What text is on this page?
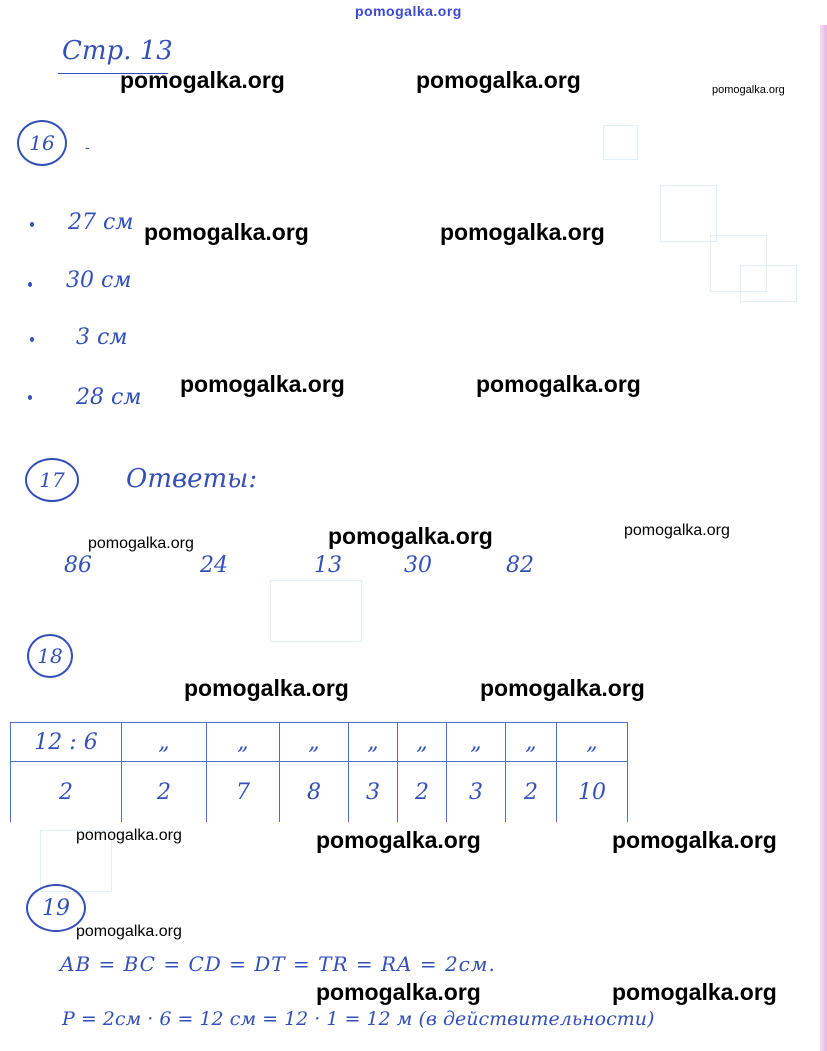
pomogalka.org
Стр. 13
pomogalka.org	pomogalka.org	pomogalka.org
pomogalka.org	pomogalka.org
pomogalka.org	pomogalka.org
pomogalka.org
pomogalka.org
pomogalka.org
pomogalka.org	pomogalka.org
pomogalka.org	pomogalka.org	pomogalka.org
pomogalka.org
pomogalka.org	pomogalka.org
16 -
27 см
30 см
3 см
28 см
17 Ответы:
86	24	13	30	82
18
12 : 6	„	„	„	„	„	„	„	„
2	2	7	8	3	2	3	2	10
19
AB = BC = CD = DT = TR = RA = 2см.
P = 2см · 6 = 12 см = 12 · 1 = 12 м (в действительности)
